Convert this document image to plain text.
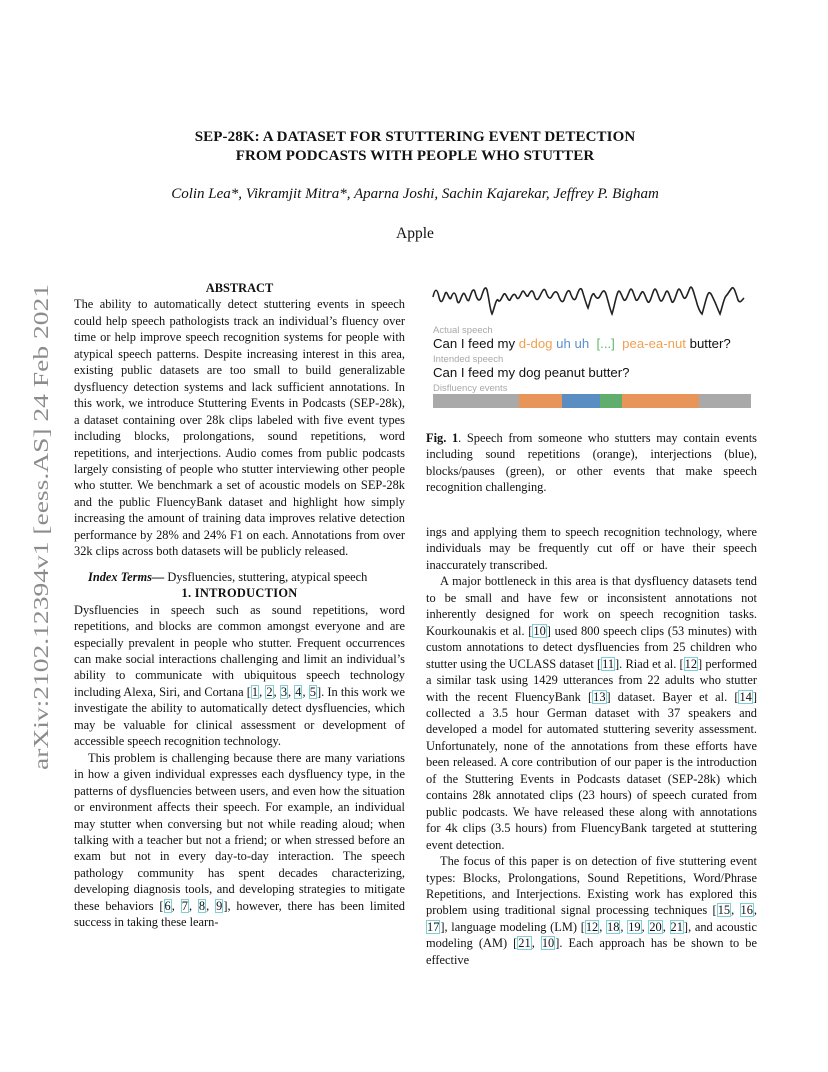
arXiv:2102.12394v1 [eess.AS] 24 Feb 2021
SEP-28K: A DATASET FOR STUTTERING EVENT DETECTION
FROM PODCASTS WITH PEOPLE WHO STUTTER
Colin Lea*, Vikramjit Mitra*, Aparna Joshi, Sachin Kajarekar, Jeffrey P. Bigham
Apple

ABSTRACT

The ability to automatically detect stuttering events in speech could help speech pathologists track an individual’s fluency over time or help improve speech recognition systems for people with atypical speech patterns. Despite increasing interest in this area, existing public datasets are too small to build generalizable dysfluency detection systems and lack sufficient annotations. In this work, we introduce Stuttering Events in Podcasts (SEP-28k), a dataset containing over 28k clips labeled with five event types including blocks, prolongations, sound repetitions, word repetitions, and interjections. Audio comes from public podcasts largely consisting of people who stutter interviewing other people who stutter. We benchmark a set of acoustic models on SEP-28k and the public FluencyBank dataset and highlight how simply increasing the amount of training data improves relative detection performance by 28% and 24% F1 on each. Annotations from over 32k clips across both datasets will be publicly released.

Index Terms— Dysfluencies, stuttering, atypical speech

1. INTRODUCTION

Dysfluencies in speech such as sound repetitions, word repetitions, and blocks are common amongst everyone and are especially prevalent in people who stutter. Frequent occurrences can make social interactions challenging and limit an individual’s ability to communicate with ubiquitous speech technology including Alexa, Siri, and Cortana [1, 2, 3, 4, 5]. In this work we investigate the ability to automatically detect dysfluencies, which may be valuable for clinical assessment or development of accessible speech recognition technology.

This problem is challenging because there are many variations in how a given individual expresses each dysfluency type, in the patterns of dysfluencies between users, and even how the situation or environment affects their speech. For example, an individual may stutter when conversing but not while reading aloud; when talking with a teacher but not a friend; or when stressed before an exam but not in every day-to-day interaction. The speech pathology community has spent decades characterizing, developing diagnosis tools, and developing strategies to mitigate these behaviors [6, 7, 8, 9], however, there has been limited success in taking these learn-

Actual speech
Can I feed my d-dog uh uh [...] pea-ea-nut butter?
Intended speech
Can I feed my dog peanut butter?
Disfluency events
Fig. 1. Speech from someone who stutters may contain events including sound repetitions (orange), interjections (blue), blocks/pauses (green), or other events that make speech recognition challenging.

ings and applying them to speech recognition technology, where individuals may be frequently cut off or have their speech inaccurately transcribed.

A major bottleneck in this area is that dysfluency datasets tend to be small and have few or inconsistent annotations not inherently designed for work on speech recognition tasks. Kourkounakis et al. [10] used 800 speech clips (53 minutes) with custom annotations to detect dysfluencies from 25 children who stutter using the UCLASS dataset [11]. Riad et al. [12] performed a similar task using 1429 utterances from 22 adults who stutter with the recent FluencyBank [13] dataset. Bayer et al. [14] collected a 3.5 hour German dataset with 37 speakers and developed a model for automated stuttering severity assessment. Unfortunately, none of the annotations from these efforts have been released. A core contribution of our paper is the introduction of the Stuttering Events in Podcasts dataset (SEP-28k) which contains 28k annotated clips (23 hours) of speech curated from public podcasts. We have released these along with annotations for 4k clips (3.5 hours) from FluencyBank targeted at stuttering event detection.

The focus of this paper is on detection of five stuttering event types: Blocks, Prolongations, Sound Repetitions, Word/Phrase Repetitions, and Interjections. Existing work has explored this problem using traditional signal processing techniques [15, 16, 17], language modeling (LM) [12, 18, 19, 20, 21], and acoustic modeling (AM) [21, 10]. Each approach has be shown to be effective
